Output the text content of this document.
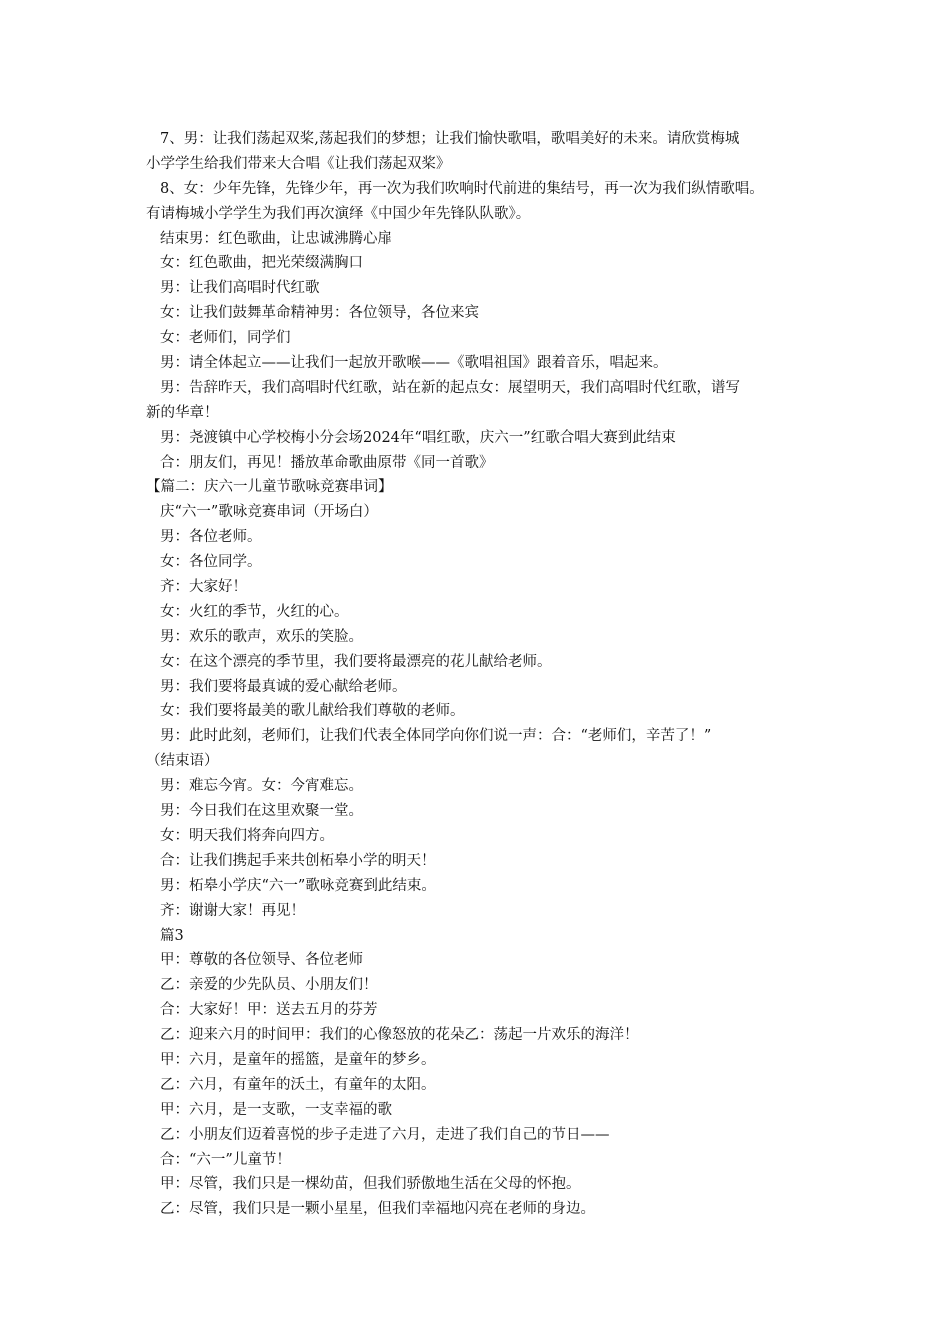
7、男：让我们荡起双桨,荡起我们的梦想；让我们愉快歌唱，歌唱美好的未来。请欣赏梅城
小学学生给我们带来大合唱《让我们荡起双桨》
8、女：少年先锋，先锋少年，再一次为我们吹响时代前进的集结号，再一次为我们纵情歌唱。
有请梅城小学学生为我们再次演绎《中国少年先锋队队歌》。
结束男：红色歌曲，让忠诚沸腾心扉
女：红色歌曲，把光荣缀满胸口
男：让我们高唱时代红歌
女：让我们鼓舞革命精神男：各位领导，各位来宾
女：老师们，同学们
男：请全体起立——让我们一起放开歌喉——《歌唱祖国》跟着音乐，唱起来。
男：告辞昨天，我们高唱时代红歌，站在新的起点女：展望明天，我们高唱时代红歌，谱写
新的华章！
男：尧渡镇中心学校梅小分会场2024年“唱红歌，庆六一”红歌合唱大赛到此结束
合：朋友们，再见！播放革命歌曲原带《同一首歌》
【篇二：庆六一儿童节歌咏竞赛串词】
庆“六一”歌咏竞赛串词（开场白）
男：各位老师。
女：各位同学。
齐：大家好！
女：火红的季节，火红的心。
男：欢乐的歌声，欢乐的笑脸。
女：在这个漂亮的季节里，我们要将最漂亮的花儿献给老师。
男：我们要将最真诚的爱心献给老师。
女：我们要将最美的歌儿献给我们尊敬的老师。
男：此时此刻，老师们，让我们代表全体同学向你们说一声：合：“老师们，辛苦了！”
（结束语）
男：难忘今宵。女：今宵难忘。
男：今日我们在这里欢聚一堂。
女：明天我们将奔向四方。
合：让我们携起手来共创柘皋小学的明天！
男：柘皋小学庆“六一”歌咏竞赛到此结束。
齐：谢谢大家！再见！
篇3
甲：尊敬的各位领导、各位老师
乙：亲爱的少先队员、小朋友们！
合：大家好！甲：送去五月的芬芳
乙：迎来六月的时间甲：我们的心像怒放的花朵乙：荡起一片欢乐的海洋！
甲：六月，是童年的摇篮，是童年的梦乡。
乙：六月，有童年的沃土，有童年的太阳。
甲：六月，是一支歌，一支幸福的歌
乙：小朋友们迈着喜悦的步子走进了六月，走进了我们自己的节日——
合：“六一”儿童节！
甲：尽管，我们只是一棵幼苗，但我们骄傲地生活在父母的怀抱。
乙：尽管，我们只是一颗小星星，但我们幸福地闪亮在老师的身边。
